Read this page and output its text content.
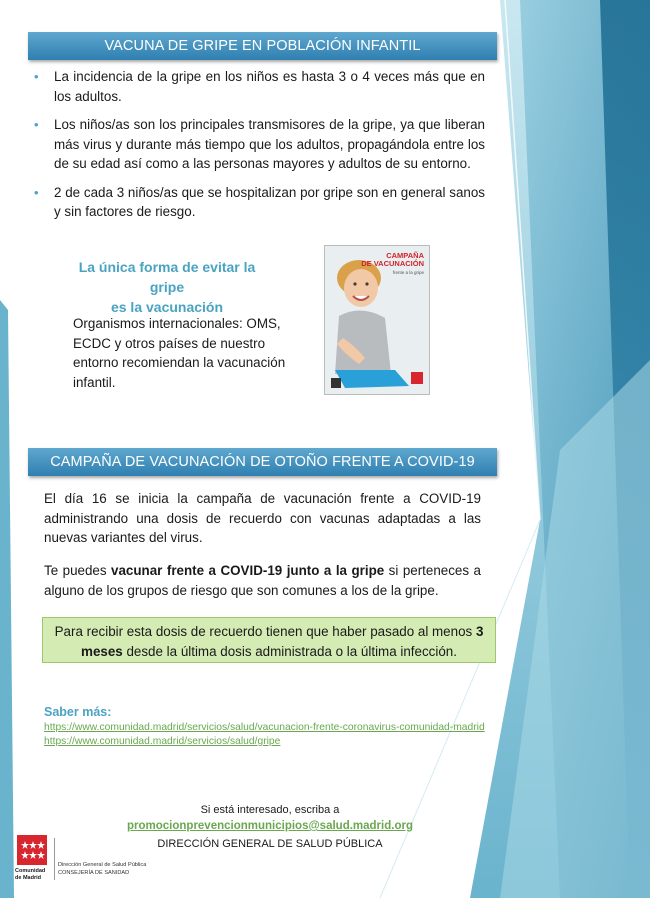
VACUNA DE GRIPE EN POBLACIÓN INFANTIL
• La incidencia de la gripe en los niños es hasta 3 o 4 veces más que en los adultos.
• Los niños/as son los principales transmisores de la gripe, ya que liberan más virus y durante más tiempo que los adultos, propagándola entre los de su edad así como a las personas mayores y adultos de su entorno.
• 2 de cada 3 niños/as que se hospitalizan por gripe son en general sanos y sin factores de riesgo.
La única forma de evitar la gripe
es la vacunación
Organismos internacionales: OMS, ECDC y otros países de nuestro entorno recomiendan la vacunación infantil.
CAMPAÑA
DE VACUNACIÓN
frente a la gripe
CAMPAÑA DE VACUNACIÓN DE OTOÑO FRENTE A COVID-19
El día 16 se inicia la campaña de vacunación frente a COVID-19 administrando una dosis de recuerdo con vacunas adaptadas a las nuevas variantes del virus.
Te puedes vacunar frente a COVID-19 junto a la gripe si perteneces a alguno de los grupos de riesgo que son comunes a los de la gripe.
Para recibir esta dosis de recuerdo tienen que haber pasado al menos 3 meses desde la última dosis administrada o la última infección.
Saber más:
https://www.comunidad.madrid/servicios/salud/vacunacion-frente-coronavirus-comunidad-madrid
https://www.comunidad.madrid/servicios/salud/gripe
Si está interesado, escriba a
promocionprevencionmunicipios@salud.madrid.org
DIRECCIÓN GENERAL DE SALUD PÚBLICA
Comunidad
de Madrid
Dirección General de Salud Pública
CONSEJERÍA DE SANIDAD
